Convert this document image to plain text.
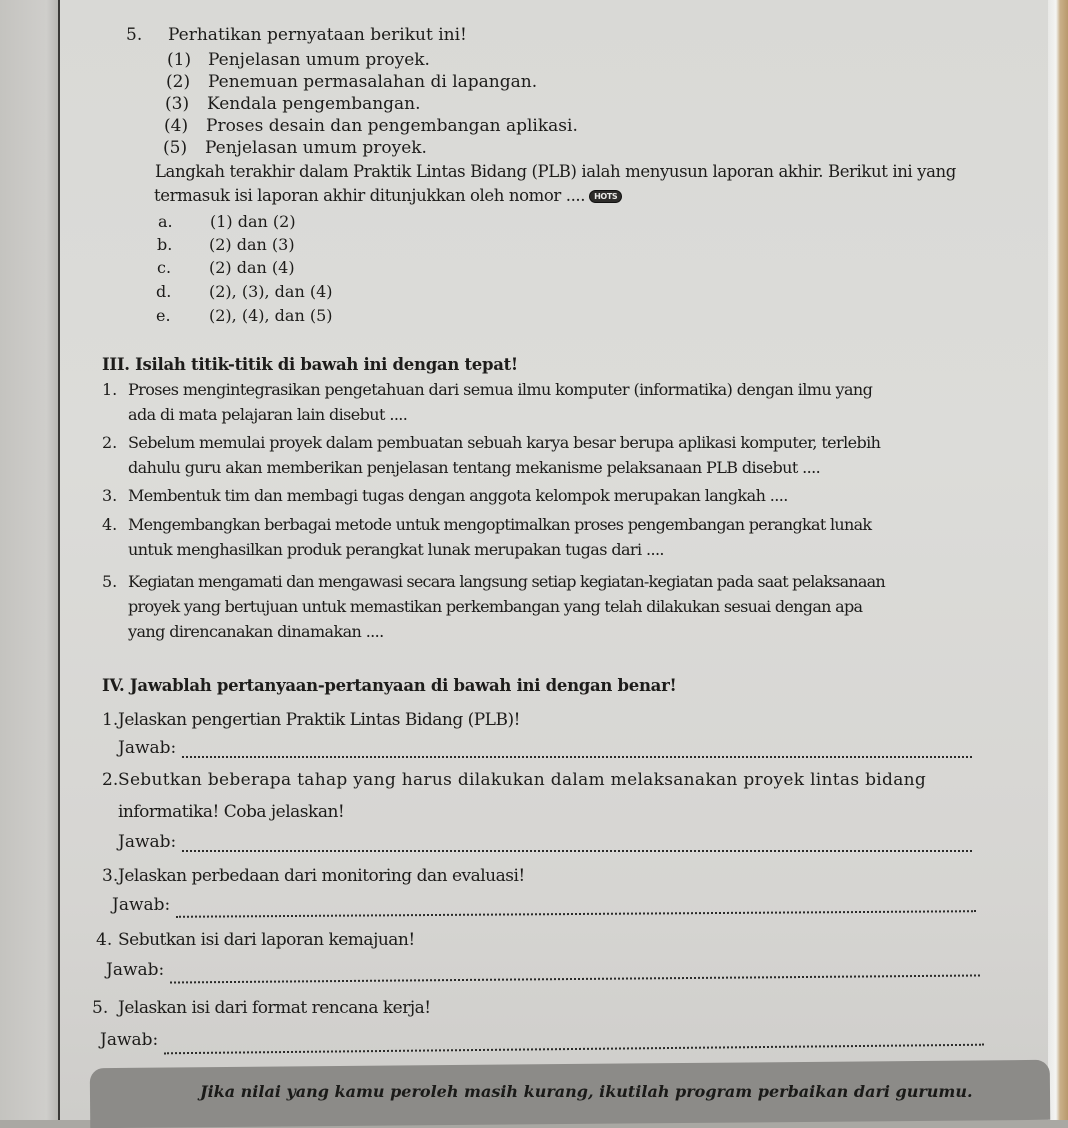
5. Perhatikan pernyataan berikut ini!
(1) Penjelasan umum proyek.
(2) Penemuan permasalahan di lapangan.
(3) Kendala pengembangan.
(4) Proses desain dan pengembangan aplikasi.
(5) Penjelasan umum proyek.
Langkah terakhir dalam Praktik Lintas Bidang (PLB) ialah menyusun laporan akhir. Berikut ini yang
termasuk isi laporan akhir ditunjukkan oleh nomor .... HOTS
a. (1) dan (2)
b. (2) dan (3)
c. (2) dan (4)
d. (2), (3), dan (4)
e. (2), (4), dan (5)
III. Isilah titik-titik di bawah ini dengan tepat!
1. Proses mengintegrasikan pengetahuan dari semua ilmu komputer (informatika) dengan ilmu yang
ada di mata pelajaran lain disebut ....
2. Sebelum memulai proyek dalam pembuatan sebuah karya besar berupa aplikasi komputer, terlebih
dahulu guru akan memberikan penjelasan tentang mekanisme pelaksanaan PLB disebut ....
3. Membentuk tim dan membagi tugas dengan anggota kelompok merupakan langkah ....
4. Mengembangkan berbagai metode untuk mengoptimalkan proses pengembangan perangkat lunak
untuk menghasilkan produk perangkat lunak merupakan tugas dari ....
5. Kegiatan mengamati dan mengawasi secara langsung setiap kegiatan-kegiatan pada saat pelaksanaan
proyek yang bertujuan untuk memastikan perkembangan yang telah dilakukan sesuai dengan apa
yang direncanakan dinamakan ....
IV. Jawablah pertanyaan-pertanyaan di bawah ini dengan benar!
1. Jelaskan pengertian Praktik Lintas Bidang (PLB)!
Jawab:
2. Sebutkan beberapa tahap yang harus dilakukan dalam melaksanakan proyek lintas bidang
informatika! Coba jelaskan!
Jawab:
3. Jelaskan perbedaan dari monitoring dan evaluasi!
Jawab:
4. Sebutkan isi dari laporan kemajuan!
Jawab:
5. Jelaskan isi dari format rencana kerja!
Jawab:
Jika nilai yang kamu peroleh masih kurang, ikutilah program perbaikan dari gurumu.
